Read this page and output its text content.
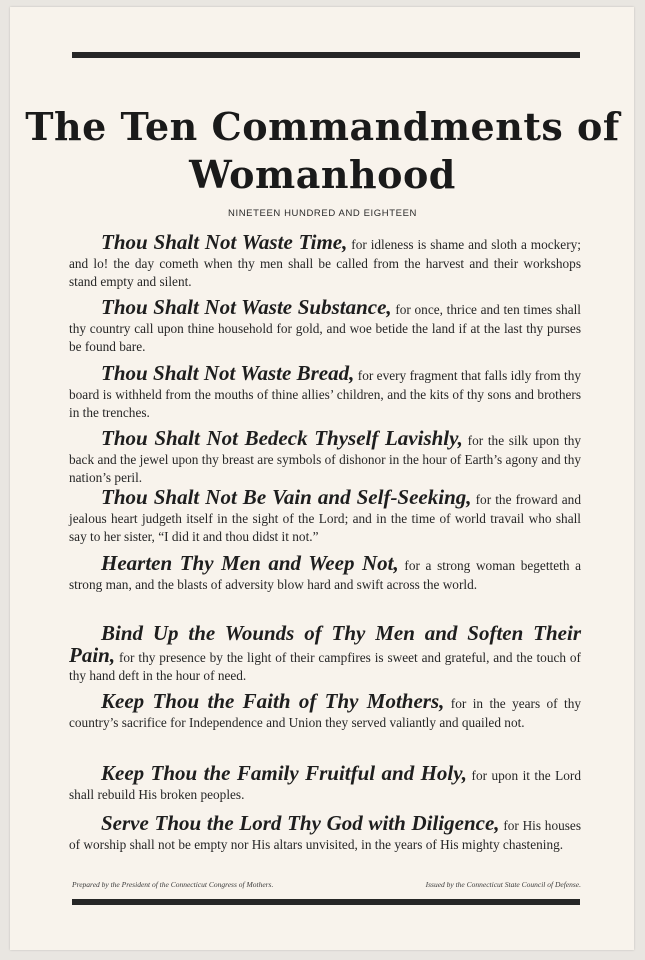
The Ten Commandments of
Womanhood
NINETEEN HUNDRED AND EIGHTEEN
Thou Shalt Not Waste Time, for idleness is shame and sloth a mockery; and lo! the day cometh when thy men shall be called from the harvest and their workshops stand empty and silent.
Thou Shalt Not Waste Substance, for once, thrice and ten times shall thy country call upon thine household for gold, and woe betide the land if at the last thy purses be found bare.
Thou Shalt Not Waste Bread, for every fragment that falls idly from thy board is withheld from the mouths of thine allies’ children, and the kits of thy sons and brothers in the trenches.
Thou Shalt Not Bedeck Thyself Lavishly, for the silk upon thy back and the jewel upon thy breast are symbols of dishonor in the hour of Earth’s agony and thy nation’s peril.
Thou Shalt Not Be Vain and Self-Seeking, for the froward and jealous heart judgeth itself in the sight of the Lord; and in the time of world travail who shall say to her sister, “I did it and thou didst it not.”
Hearten Thy Men and Weep Not, for a strong woman begetteth a strong man, and the blasts of adversity blow hard and swift across the world.
Bind Up the Wounds of Thy Men and Soften Their Pain, for thy presence by the light of their campfires is sweet and grateful, and the touch of thy hand deft in the hour of need.
Keep Thou the Faith of Thy Mothers, for in the years of thy country’s sacrifice for Independence and Union they served valiantly and quailed not.
Keep Thou the Family Fruitful and Holy, for upon it the Lord shall rebuild His broken peoples.
Serve Thou the Lord Thy God with Diligence, for His houses of worship shall not be empty nor His altars unvisited, in the years of His mighty chastening.
Prepared by the President of the Connecticut Congress of Mothers.	Issued by the Connecticut State Council of Defense.
